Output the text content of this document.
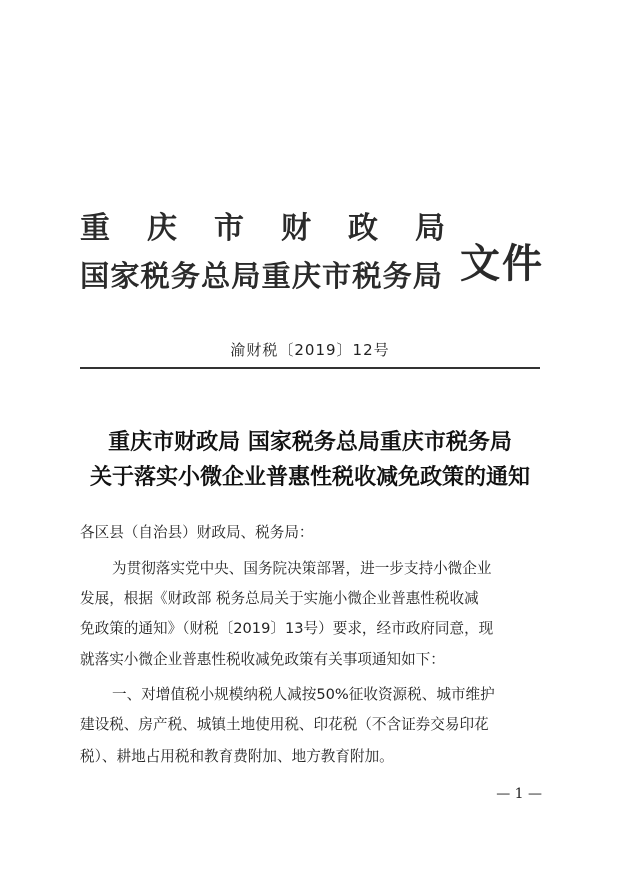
重 庆 市 财 政 局
国家税务总局重庆市税务局 文件
渝财税〔2019〕12号
重庆市财政局 国家税务总局重庆市税务局
关于落实小微企业普惠性税收减免政策的通知
各区县（自治县）财政局、税务局：
为贯彻落实党中央、国务院决策部署，进一步支持小微企业
发展，根据《财政部 税务总局关于实施小微企业普惠性税收减
免政策的通知》（财税〔2019〕13号）要求，经市政府同意，现
就落实小微企业普惠性税收减免政策有关事项通知如下：
一、对增值税小规模纳税人减按50%征收资源税、城市维护
建设税、房产税、城镇土地使用税、印花税（不含证券交易印花
税）、耕地占用税和教育费附加、地方教育附加。
— 1 —
